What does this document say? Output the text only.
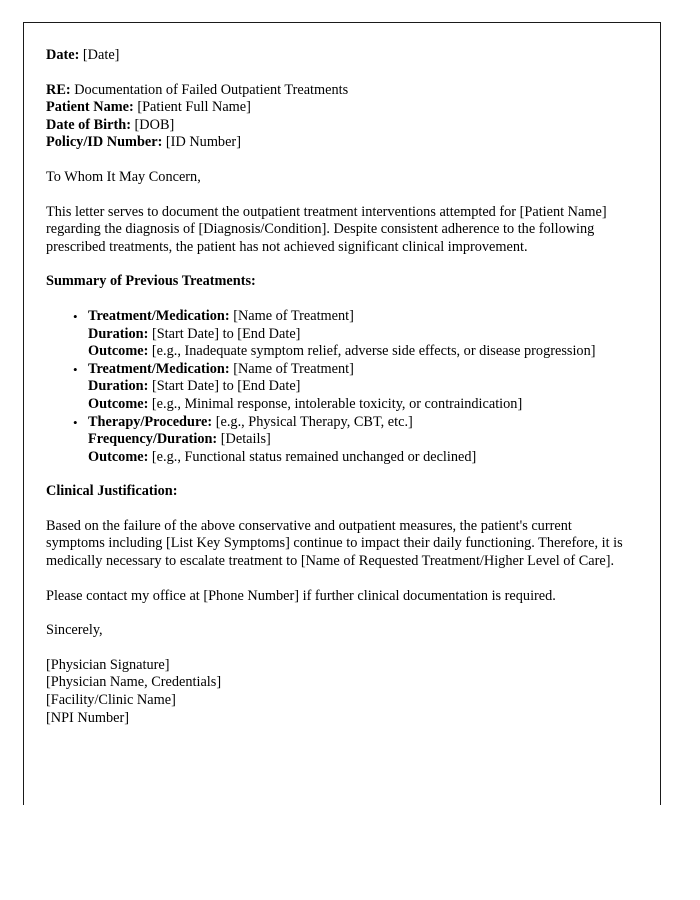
Date: [Date]
RE: Documentation of Failed Outpatient Treatments
Patient Name: [Patient Full Name]
Date of Birth: [DOB]
Policy/ID Number: [ID Number]
To Whom It May Concern,
This letter serves to document the outpatient treatment interventions attempted for [Patient Name] regarding the diagnosis of [Diagnosis/Condition]. Despite consistent adherence to the following prescribed treatments, the patient has not achieved significant clinical improvement.
Summary of Previous Treatments:
• Treatment/Medication: [Name of Treatment]
Duration: [Start Date] to [End Date]
Outcome: [e.g., Inadequate symptom relief, adverse side effects, or disease progression]
• Treatment/Medication: [Name of Treatment]
Duration: [Start Date] to [End Date]
Outcome: [e.g., Minimal response, intolerable toxicity, or contraindication]
• Therapy/Procedure: [e.g., Physical Therapy, CBT, etc.]
Frequency/Duration: [Details]
Outcome: [e.g., Functional status remained unchanged or declined]
Clinical Justification:
Based on the failure of the above conservative and outpatient measures, the patient's current symptoms including [List Key Symptoms] continue to impact their daily functioning. Therefore, it is medically necessary to escalate treatment to [Name of Requested Treatment/Higher Level of Care].
Please contact my office at [Phone Number] if further clinical documentation is required.
Sincerely,
[Physician Signature]
[Physician Name, Credentials]
[Facility/Clinic Name]
[NPI Number]
